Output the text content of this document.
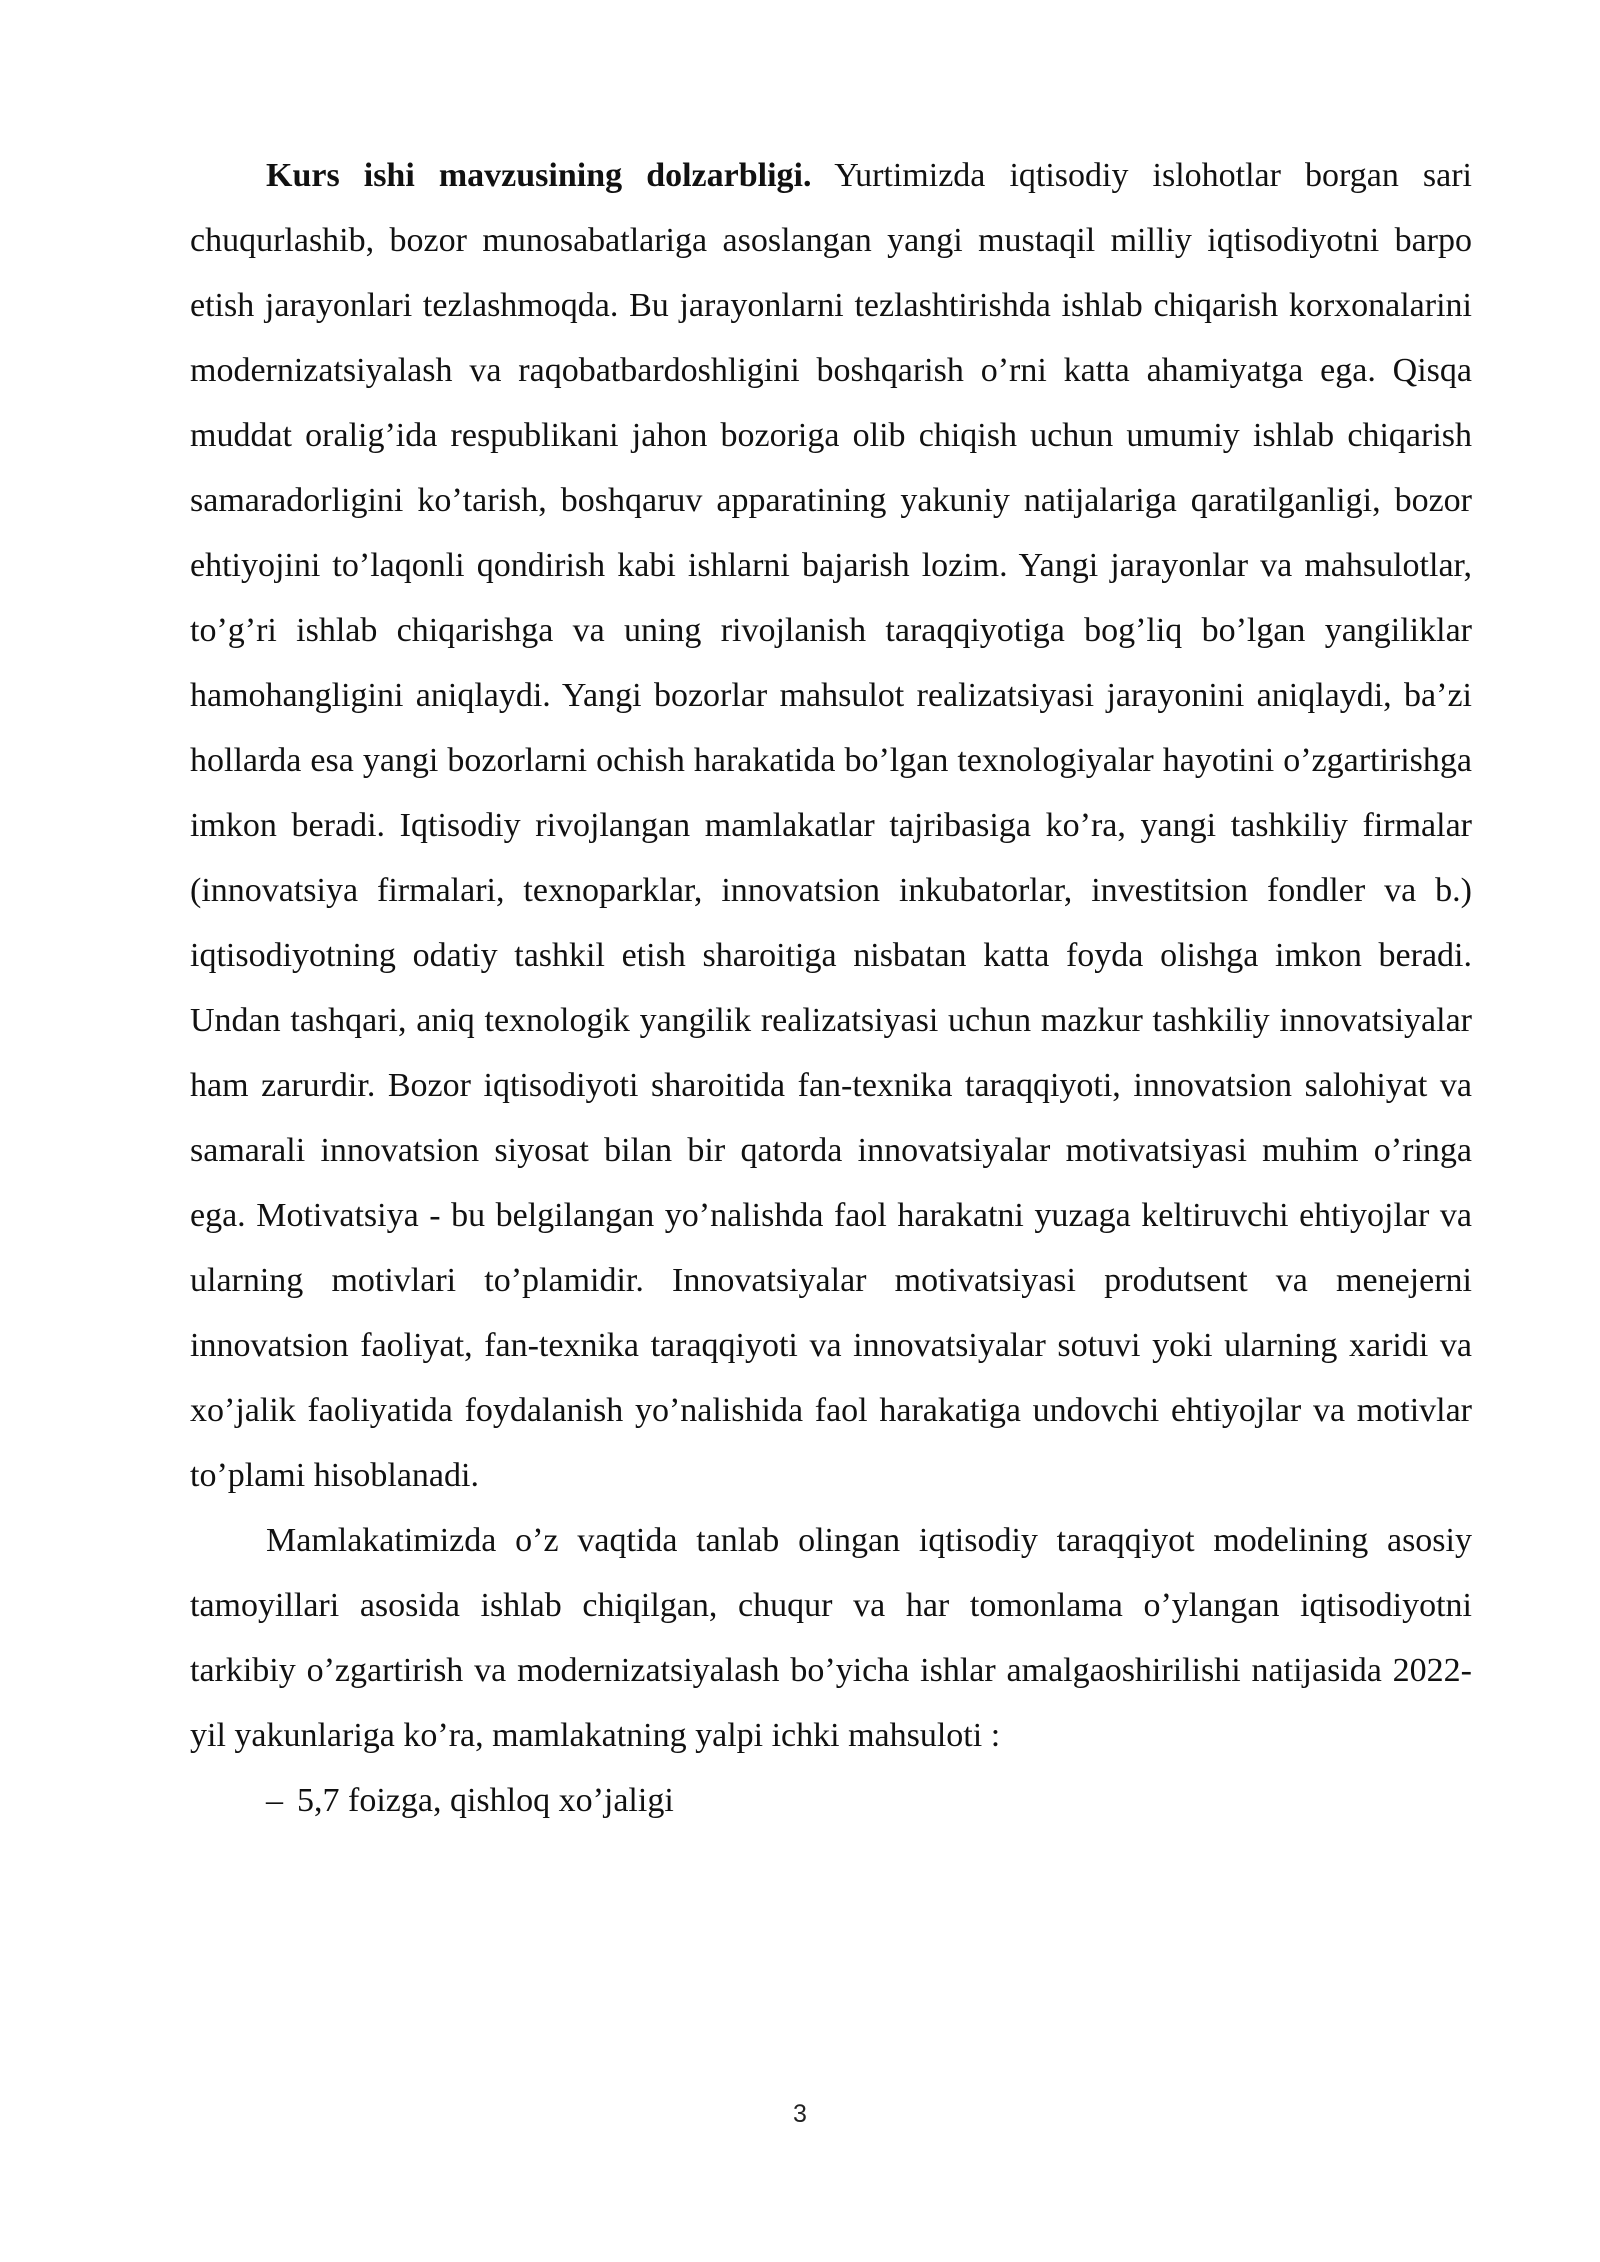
Kurs ishi mavzusining dolzarbligi. Yurtimizda iqtisodiy islohotlar borgan sari chuqurlashib, bozor munosabatlariga asoslangan yangi mustaqil milliy iqtisodiyotni barpo etish jarayonlari tezlashmoqda. Bu jarayonlarni tezlashtirishda ishlab chiqarish korxonalarini modernizatsiyalash va raqobatbardoshligini boshqarish oʼrni katta ahamiyatga ega. Qisqa muddat oraligʼida respublikani jahon bozoriga olib chiqish uchun umumiy ishlab chiqarish samaradorligini koʼtarish, boshqaruv apparatining yakuniy natijalariga qaratilganligi, bozor ehtiyojini toʼlaqonli qondirish kabi ishlarni bajarish lozim. Yangi jarayonlar va mahsulotlar, toʼgʼri ishlab chiqarishga va uning rivojlanish taraqqiyotiga bogʼliq boʼlgan yangiliklar hamohangligini aniqlaydi. Yangi bozorlar mahsulot realizatsiyasi jarayonini aniqlaydi, baʼzi hollarda esa yangi bozorlarni ochish harakatida boʼlgan texnologiyalar hayotini oʼzgartirishga imkon beradi. Iqtisodiy rivojlangan mamlakatlar tajribasiga koʼra, yangi tashkiliy firmalar (innovatsiya firmalari, texnoparklar, innovatsion inkubatorlar, investitsion fondler va b.) iqtisodiyotning odatiy tashkil etish sharoitiga nisbatan katta foyda olishga imkon beradi. Undan tashqari, aniq texnologik yangilik realizatsiyasi uchun mazkur tashkiliy innovatsiyalar ham zarurdir. Bozor iqtisodiyoti sharoitida fan-texnika taraqqiyoti, innovatsion salohiyat va samarali innovatsion siyosat bilan bir qatorda innovatsiyalar motivatsiyasi muhim oʼringa ega. Motivatsiya - bu belgilangan yoʼnalishda faol harakatni yuzaga keltiruvchi ehtiyojlar va ularning motivlari toʼplamidir. Innovatsiyalar motivatsiyasi produtsent va menejerni innovatsion faoliyat, fan-texnika taraqqiyoti va innovatsiyalar sotuvi yoki ularning xaridi va xoʼjalik faoliyatida foydalanish yoʼnalishida faol harakatiga undovchi ehtiyojlar va motivlar toʼplami hisoblanadi.

Mamlakatimizda oʼz vaqtida tanlab olingan iqtisodiy taraqqiyot modelining asosiy tamoyillari asosida ishlab chiqilgan, chuqur va har tomonlama oʼylangan iqtisodiyotni tarkibiy oʼzgartirish va modernizatsiyalash boʼyicha ishlar amalgaoshirilishi natijasida 2022-yil yakunlariga koʼra, mamlakatning yalpi ichki mahsuloti :

– 5,7 foizga, qishloq xoʼjaligi

3
